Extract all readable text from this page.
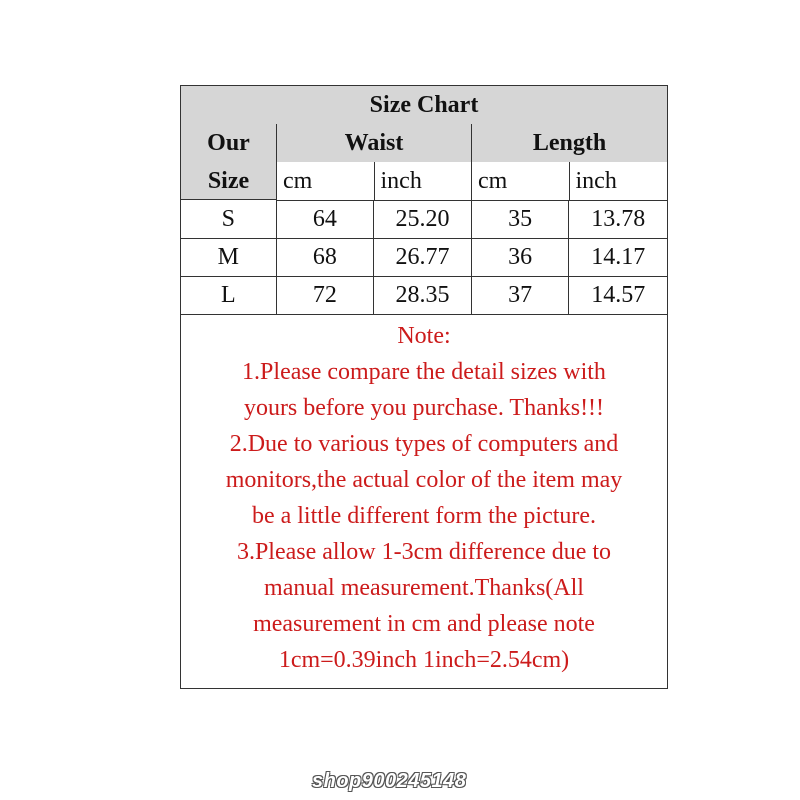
Size Chart
Our
Size
Waist	Length
cm	inch	cm	inch
S	64	25.20	35	13.78
M	68	26.77	36	14.17
L	72	28.35	37	14.57
Note:
1.Please compare the detail sizes with
yours before you purchase. Thanks!!!
2.Due to various types of computers and
monitors,the actual color of the item may
be a little different form the picture.
3.Please allow 1-3cm difference due to
manual measurement.Thanks(All
measurement in cm and please note
1cm=0.39inch 1inch=2.54cm)
shop900245148
